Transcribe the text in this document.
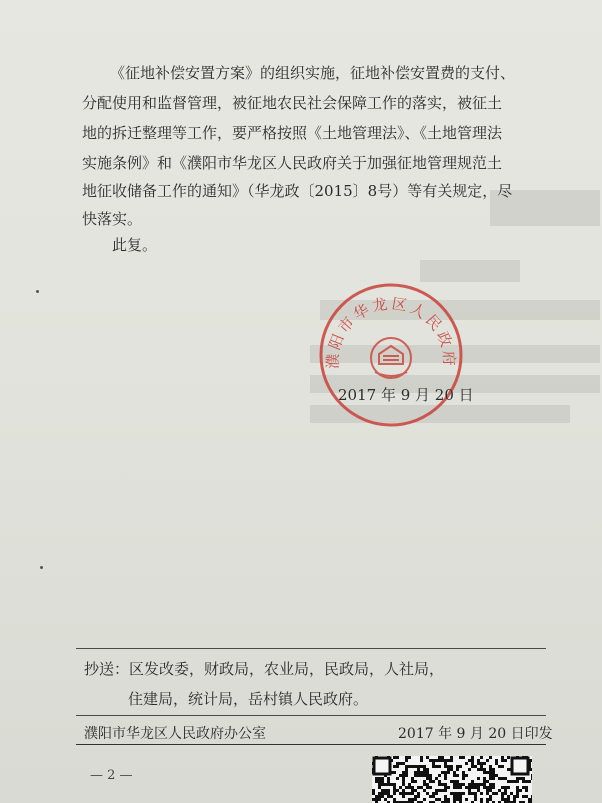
《征地补偿安置方案》的组织实施，征地补偿安置费的支付、
分配使用和监督管理，被征地农民社会保障工作的落实，被征土
地的拆迁整理等工作，要严格按照《土地管理法》、《土地管理法
实施条例》和《濮阳市华龙区人民政府关于加强征地管理规范土
地征收储备工作的通知》（华龙政〔2015〕8号）等有关规定，尽
快落实。
此复。
濮阳市华龙区人民政府
2017 年 9 月 20 日
抄送：区发改委，财政局，农业局，民政局，人社局，
住建局，统计局，岳村镇人民政府。
濮阳市华龙区人民政府办公室	2017 年 9 月 20 日印发
— 2 —
